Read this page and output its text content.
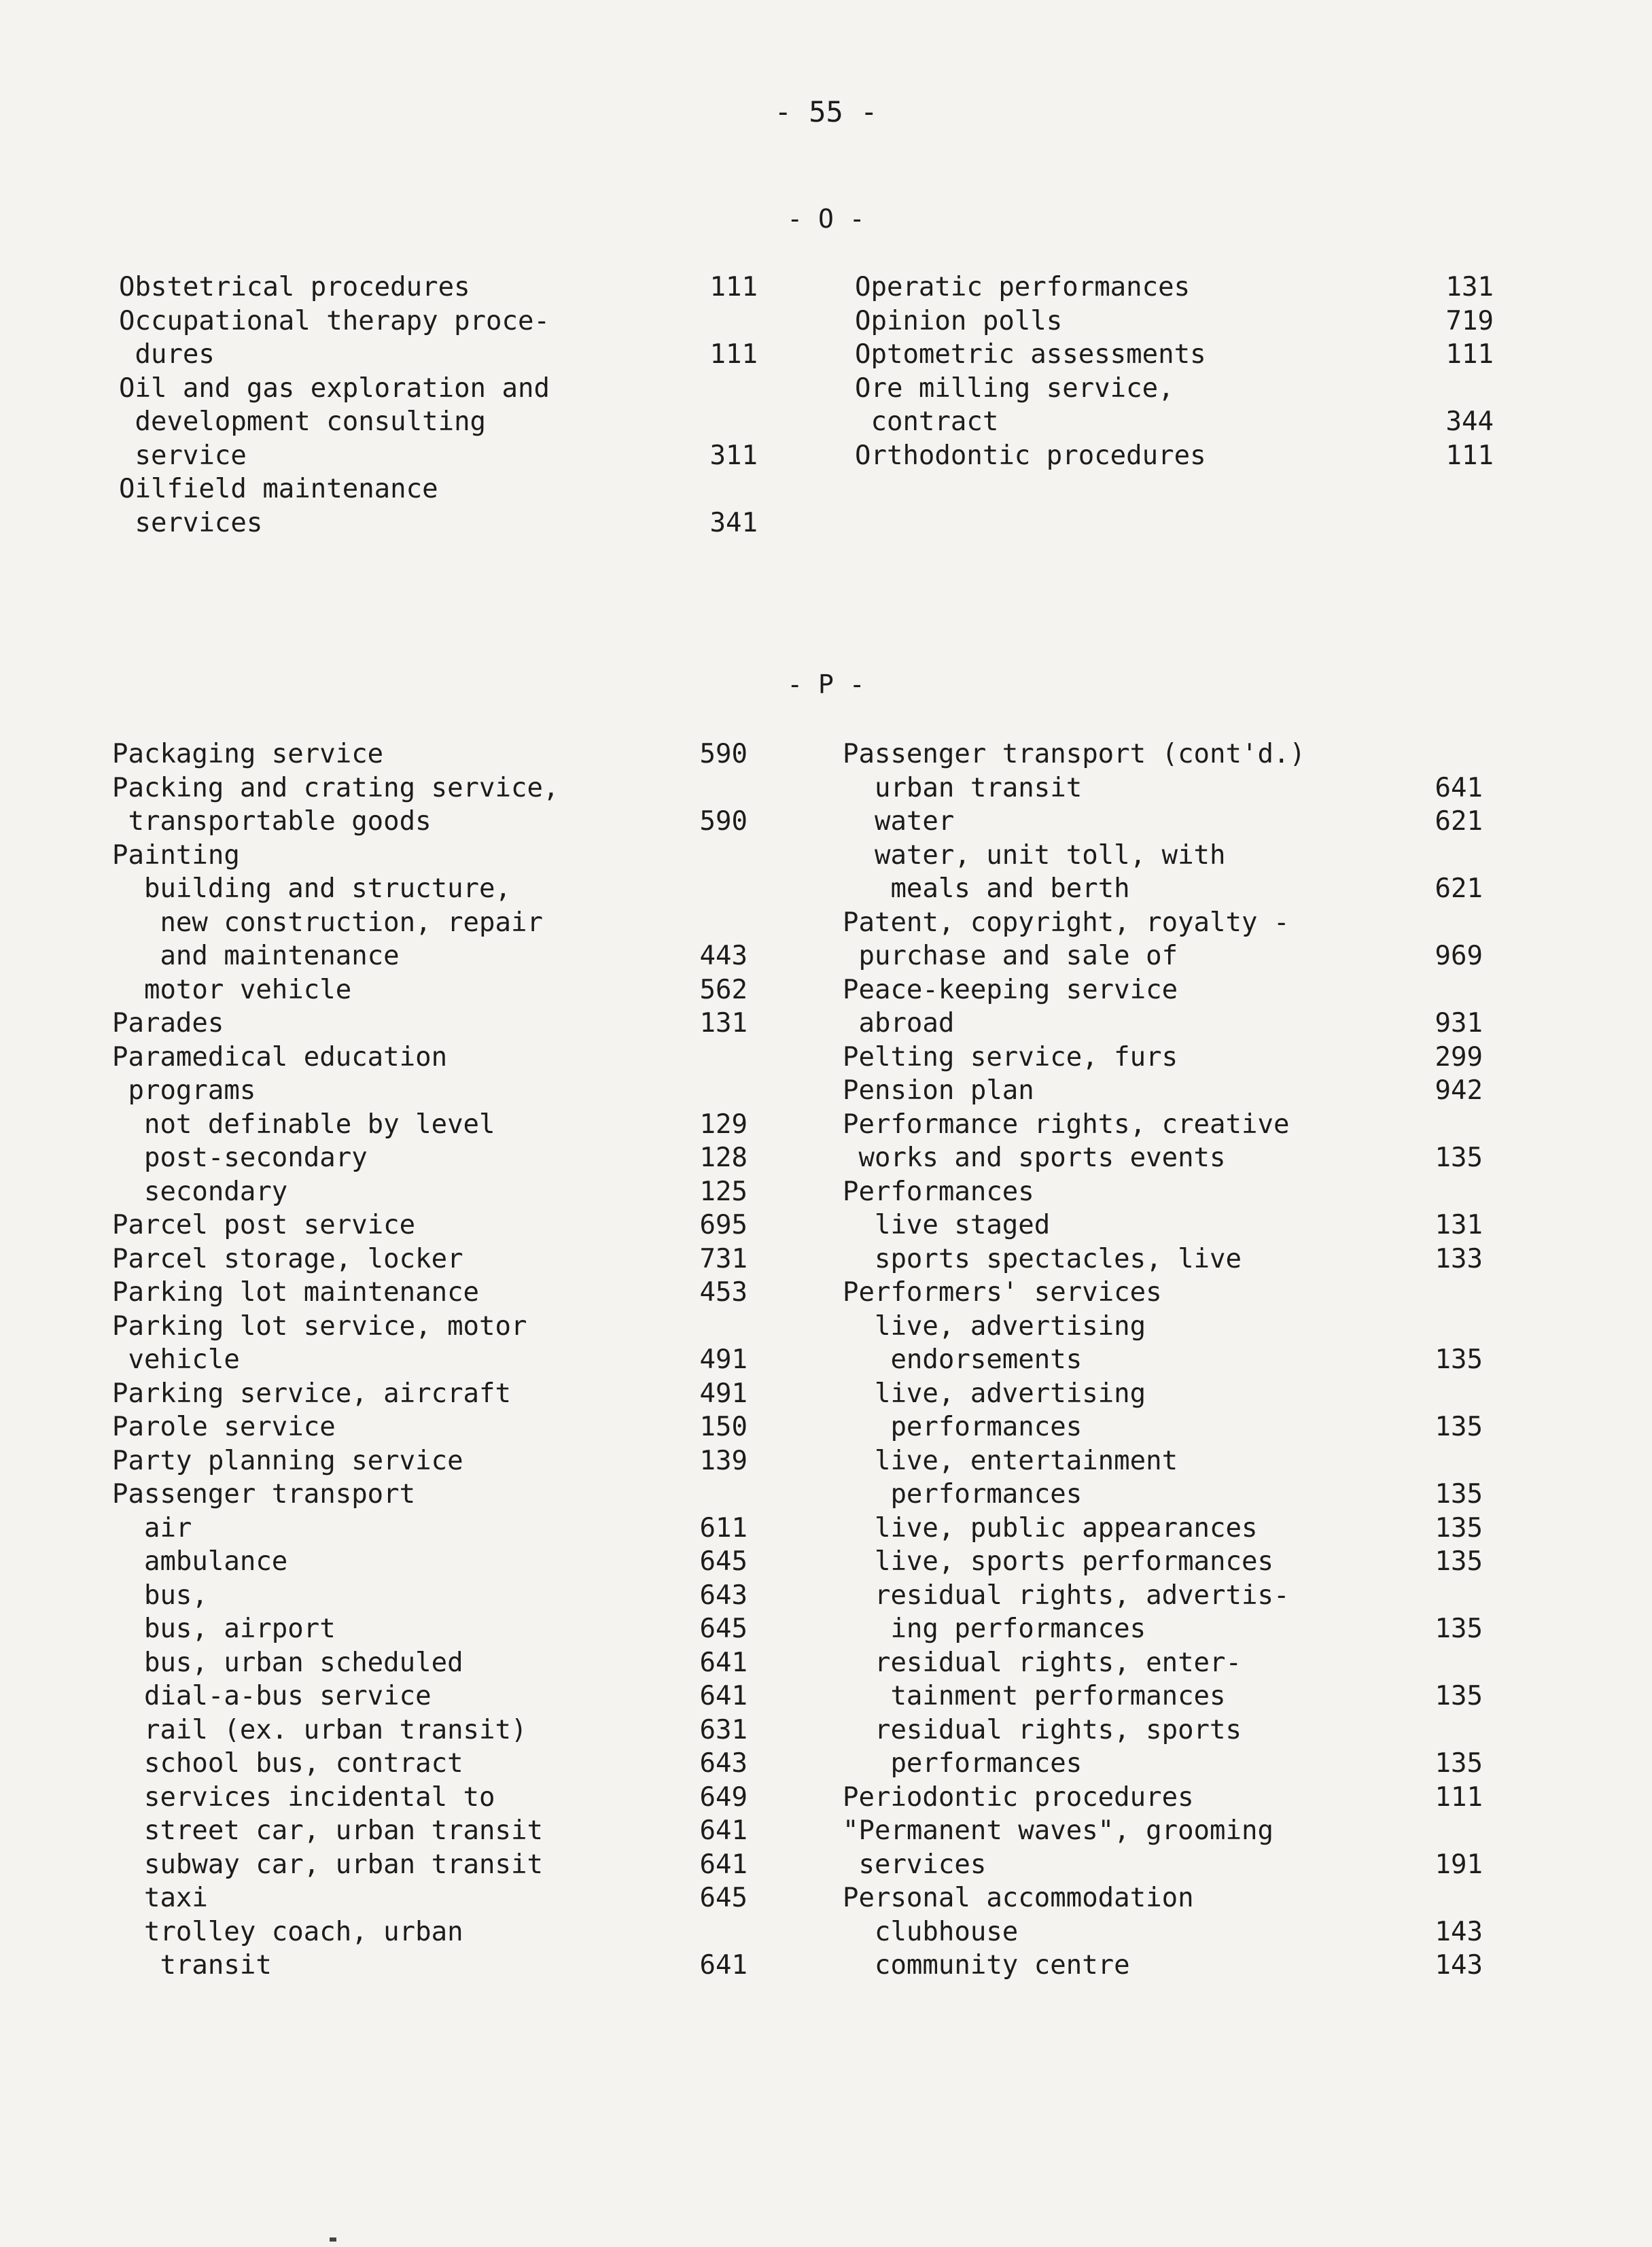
- 55 -
- O -
Obstetrical procedures	111
Occupational therapy proce-
dures	111
Oil and gas exploration and
development consulting
service	311
Oilfield maintenance
services	341
Operatic performances	131
Opinion polls	719
Optometric assessments	111
Ore milling service,
contract	344
Orthodontic procedures	111
- P -
Packaging service	590
Packing and crating service,
transportable goods	590
Painting
building and structure,
new construction, repair
and maintenance	443
motor vehicle	562
Parades	131
Paramedical education
programs
not definable by level	129
post-secondary	128
secondary	125
Parcel post service	695
Parcel storage, locker	731
Parking lot maintenance	453
Parking lot service, motor
vehicle	491
Parking service, aircraft	491
Parole service	150
Party planning service	139
Passenger transport
air	611
ambulance	645
bus,	643
bus, airport	645
bus, urban scheduled	641
dial-a-bus service	641
rail (ex. urban transit)	631
school bus, contract	643
services incidental to	649
street car, urban transit	641
subway car, urban transit	641
taxi	645
trolley coach, urban
transit	641
Passenger transport (cont'd.)
urban transit	641
water	621
water, unit toll, with
meals and berth	621
Patent, copyright, royalty -
purchase and sale of	969
Peace-keeping service
abroad	931
Pelting service, furs	299
Pension plan	942
Performance rights, creative
works and sports events	135
Performances
live staged	131
sports spectacles, live	133
Performers' services
live, advertising
endorsements	135
live, advertising
performances	135
live, entertainment
performances	135
live, public appearances	135
live, sports performances	135
residual rights, advertis-
ing performances	135
residual rights, enter-
tainment performances	135
residual rights, sports
performances	135
Periodontic procedures	111
"Permanent waves", grooming
services	191
Personal accommodation
clubhouse	143
community centre	143
